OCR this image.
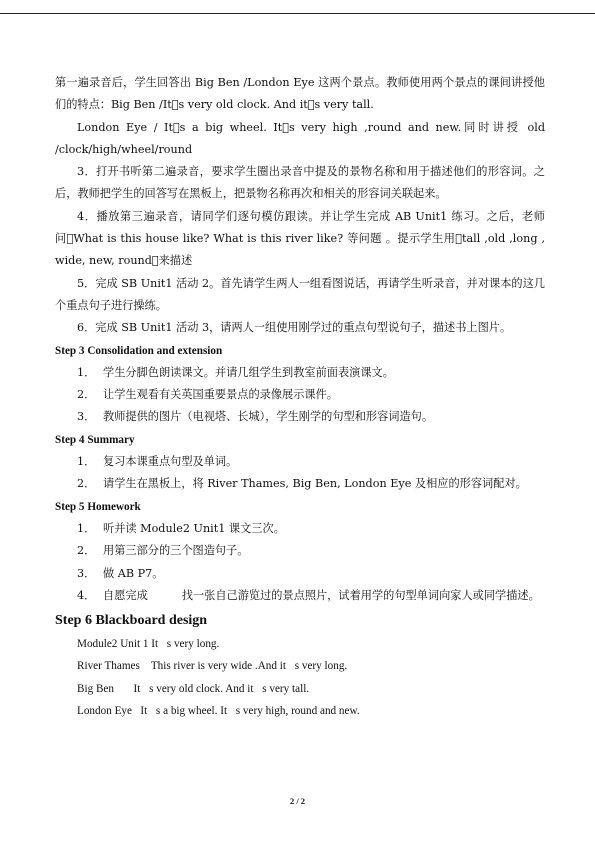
第一遍录音后，学生回答出 Big Ben /London Eye 这两个景点。教师使用两个景点的课间讲授他们的特点：Big Ben /It s very old clock. And it s very tall.

London Eye / It s a big wheel. It s very high ,round and new.同时讲授 old

/clock/high/wheel/round

3．打开书听第二遍录音，要求学生圈出录音中提及的景物名称和用于描述他们的形容词。之后，教师把学生的回答写在黑板上，把景物名称再次和相关的形容词关联起来。

4．播放第三遍录音，请同学们逐句模仿跟读。并让学生完成 AB Unit1 练习。之后，老师问 What is this house like? What is this river like? 等问题 。提示学生用 tall ,old ,long , wide, new, round 来描述

5．完成 SB Unit1 活动 2。首先请学生两人一组看图说话，再请学生听录音，并对课本的这几个重点句子进行操练。

6．完成 SB Unit1 活动 3，请两人一组使用刚学过的重点句型说句子，描述书上图片。

Step 3 Consolidation and extension

1． 学生分脚色朗读课文。并请几组学生到教室前面表演课文。

2． 让学生观看有关英国重要景点的录像展示课件。

3． 教师提供的图片（电视塔、长城），学生刚学的句型和形容词造句。

Step 4 Summary

1． 复习本课重点句型及单词。

2． 请学生在黑板上，将 River Thames, Big Ben, London Eye 及相应的形容词配对。

Step 5 Homework

1． 听并读 Module2 Unit1 课文三次。

2． 用第三部分的三个图造句子。

3． 做 AB P7。

4． 自愿完成	找一张自己游览过的景点照片，试着用学的句型单词向家人或同学描述。

Step 6 Blackboard design

Module2 Unit 1 It s very long.

River Thames    This river is very wide .And it s very long.

Big Ben       It s very old clock. And it s very tall.

London Eye   It s a big wheel. It s very high, round and new.

2 / 2
